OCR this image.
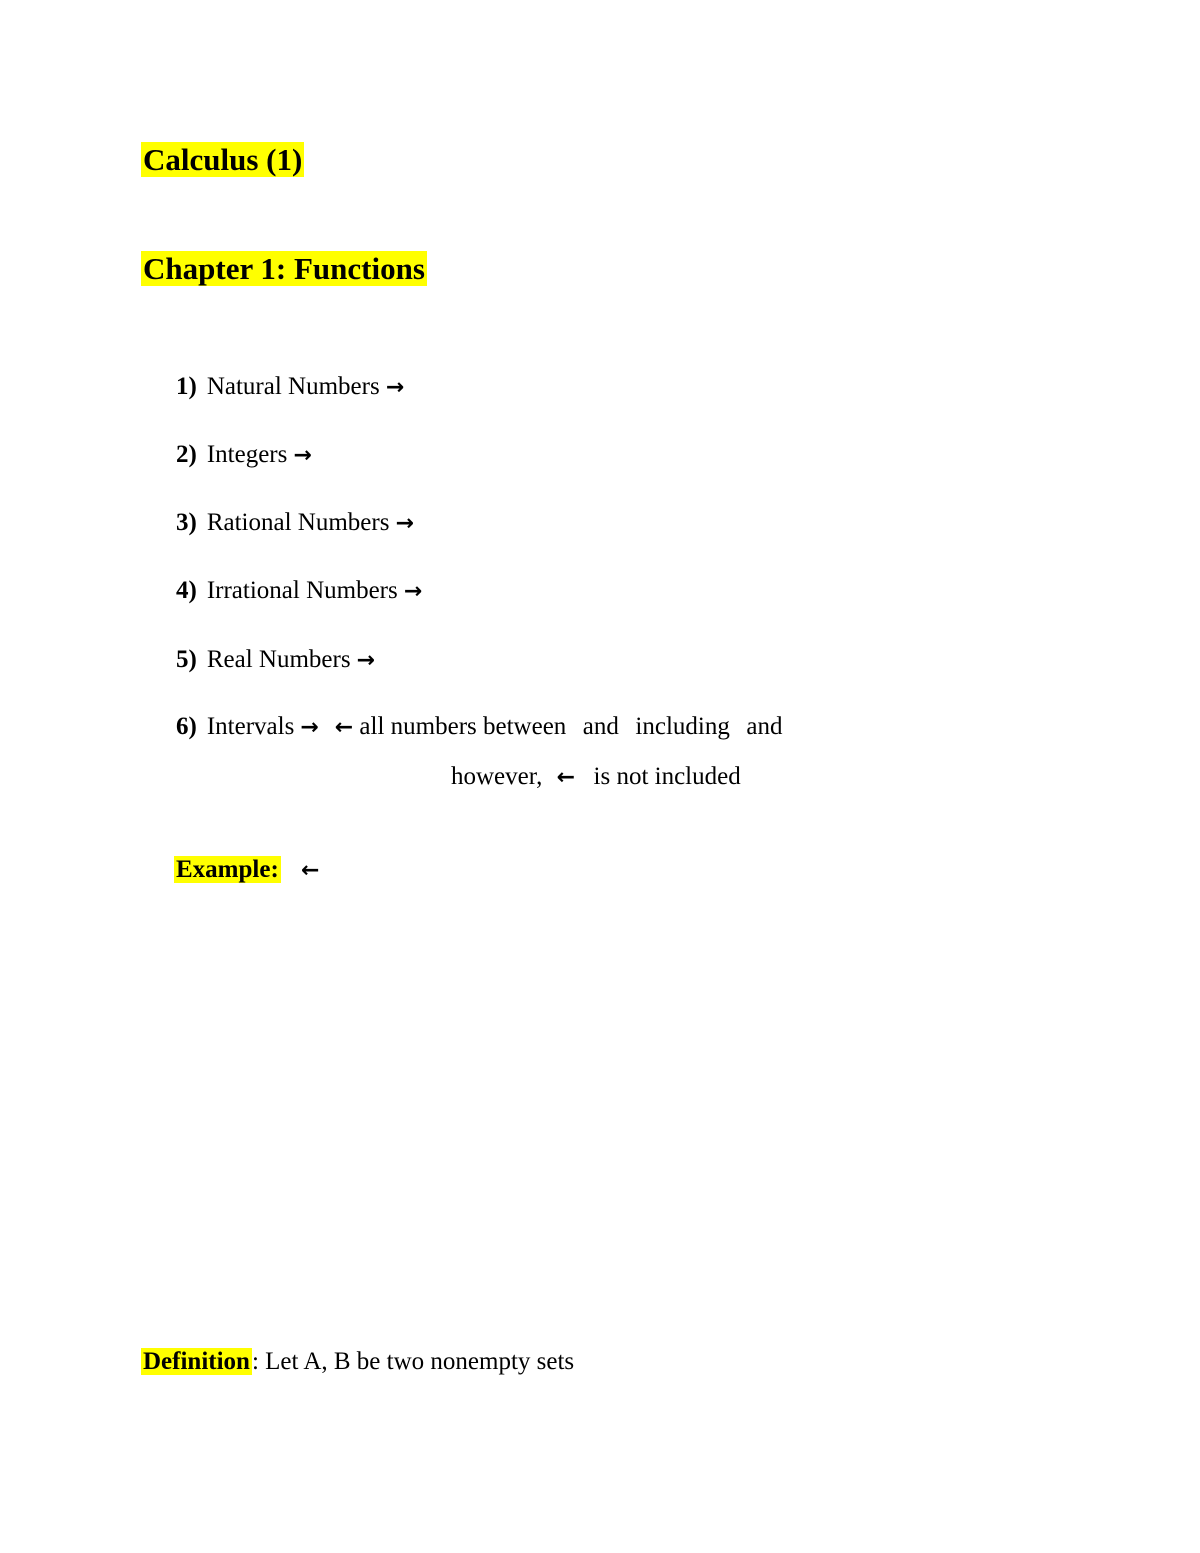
Calculus (1)
Chapter 1: Functions
1) Natural Numbers →
2) Integers →
3) Rational Numbers →
4) Irrational Numbers →
5) Real Numbers →
6) Intervals → ← all numbers between and including and
however, ← is not included
Example: ←
Definition: Let A, B be two nonempty sets
